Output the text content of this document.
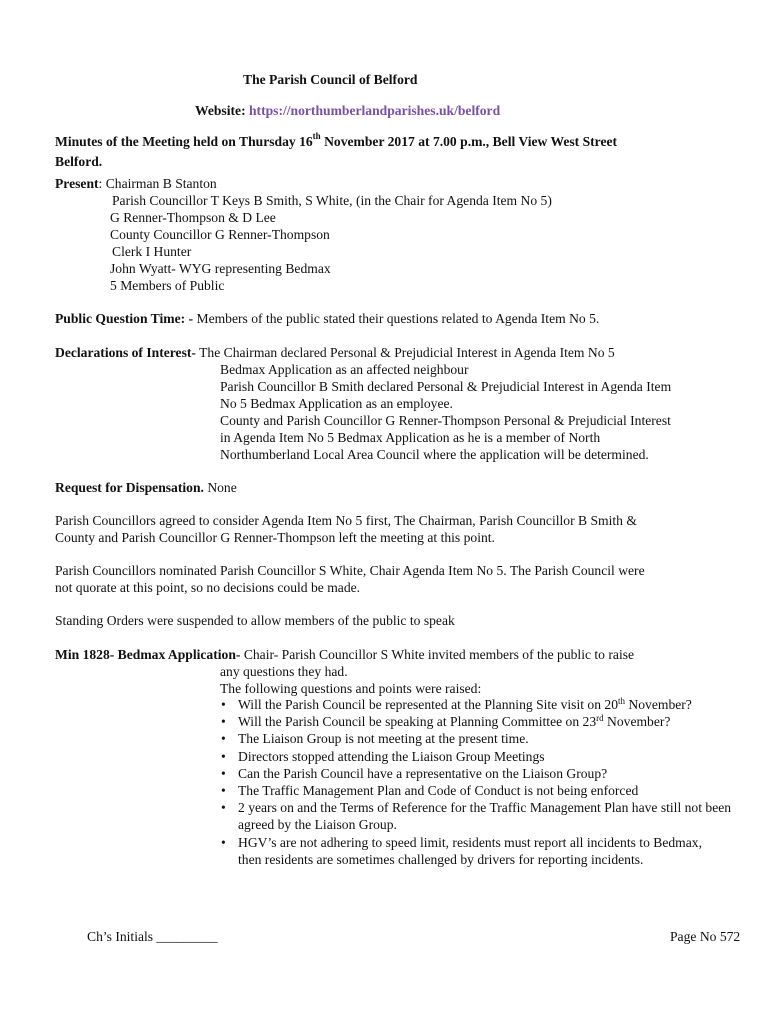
The Parish Council of Belford
Website: https://northumberlandparishes.uk/belford
Minutes of the Meeting held on Thursday 16th November 2017 at 7.00 p.m., Bell View West Street
Belford.
Present: Chairman B Stanton
Parish Councillor T Keys B Smith, S White, (in the Chair for Agenda Item No 5)
G Renner-Thompson & D Lee
County Councillor G Renner-Thompson
Clerk I Hunter
John Wyatt- WYG representing Bedmax
5 Members of Public
Public Question Time: - Members of the public stated their questions related to Agenda Item No 5.
Declarations of Interest- The Chairman declared Personal & Prejudicial Interest in Agenda Item No 5
Bedmax Application as an affected neighbour
Parish Councillor B Smith declared Personal & Prejudicial Interest in Agenda Item
No 5 Bedmax Application as an employee.
County and Parish Councillor G Renner-Thompson Personal & Prejudicial Interest
in Agenda Item No 5 Bedmax Application as he is a member of North
Northumberland Local Area Council where the application will be determined.
Request for Dispensation. None
Parish Councillors agreed to consider Agenda Item No 5 first, The Chairman, Parish Councillor B Smith &
County and Parish Councillor G Renner-Thompson left the meeting at this point.
Parish Councillors nominated Parish Councillor S White, Chair Agenda Item No 5. The Parish Council were
not quorate at this point, so no decisions could be made.
Standing Orders were suspended to allow members of the public to speak
Min 1828- Bedmax Application- Chair- Parish Councillor S White invited members of the public to raise
any questions they had.
The following questions and points were raised:
• Will the Parish Council be represented at the Planning Site visit on 20th November?
• Will the Parish Council be speaking at Planning Committee on 23rd November?
• The Liaison Group is not meeting at the present time.
• Directors stopped attending the Liaison Group Meetings
• Can the Parish Council have a representative on the Liaison Group?
• The Traffic Management Plan and Code of Conduct is not being enforced
• 2 years on and the Terms of Reference for the Traffic Management Plan have still not been agreed by the Liaison Group.
• HGV’s are not adhering to speed limit, residents must report all incidents to Bedmax, then residents are sometimes challenged by drivers for reporting incidents.
Ch’s Initials _________	Page No 572
